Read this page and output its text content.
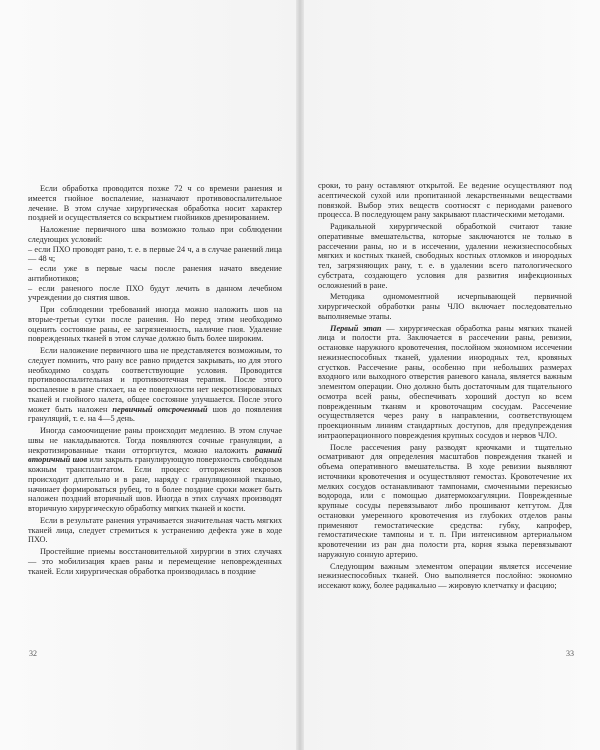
Если обработка проводится позже 72 ч со времени ранения и имеется гнойное воспаление, назначают противовоспалительное лечение. В этом случае хирургическая обработка носит характер поздней и осуществляется со вскрытием гнойников дренированием.

Наложение первичного шва возможно только при соблюдении следующих условий:

– если ПХО проводят рано, т. е. в первые 24 ч, а в случае ранений лица — 48 ч;

– если уже в первые часы после ранения начато введение антибиотиков;

– если раненого после ПХО будут лечить в данном лечебном учреждении до снятия швов.

При соблюдении требований иногда можно наложить шов на вторые-третьи сутки после ранения. Но перед этим необходимо оценить состояние раны, ее загрязненность, наличие гноя. Удаление поврежденных тканей в этом случае должно быть более широким.

Если наложение первичного шва не представляется возможным, то следует помнить, что рану все равно придется закрывать, но для этого необходимо создать соответствующие условия. Проводится противовоспалительная и противоотечная терапия. После этого воспаление в ране стихает, на ее поверхности нет некротизированных тканей и гнойного налета, общее состояние улучшается. После этого может быть наложен первичный отсроченный шов до появления грануляций, т. е. на 4—5 день.

Иногда самоочищение раны происходит медленно. В этом случае швы не накладываются. Тогда появляются сочные грануляции, а некротизированные ткани отторгнутся, можно наложить ранний вторичный шов или закрыть гранулирующую поверхность свободным кожным трансплантатом. Если процесс отторжения некрозов происходит длительно и в ране, наряду с грануляционной тканью, начинает формироваться рубец, то в более поздние сроки может быть наложен поздний вторичный шов. Иногда в этих случаях производят вторичную хирургическую обработку мягких тканей и кости.

Если в результате ранения утрачивается значительная часть мягких тканей лица, следует стремиться к устранению дефекта уже в ходе ПХО.

Простейшие приемы восстановительной хирургии в этих случаях — это мобилизация краев раны и перемещение неповрежденных тканей. Если хирургическая обработка производилась в поздние

сроки, то рану оставляют открытой. Ее ведение осуществляют под асептической сухой или пропитанной лекарственными веществами повязкой. Выбор этих веществ соотносят с периодами раневого процесса. В последующем рану закрывают пластическими методами.

Радикальной хирургической обработкой считают такие оперативные вмешательства, которые заключаются не только в рассечении раны, но и в иссечении, удалении нежизнеспособных мягких и костных тканей, свободных костных отломков и инородных тел, загрязняющих рану, т. е. в удалении всего патологического субстрата, создающего условия для развития инфекционных осложнений в ране.

Методика одномоментной исчерпывающей первичной хирургической обработки раны ЧЛО включает последовательно выполняемые этапы.

Первый этап — хирургическая обработка раны мягких тканей лица и полости рта. Заключается в рассечении раны, ревизии, остановке наружного кровотечения, послойном экономном иссечении нежизнеспособных тканей, удалении инородных тел, кровяных сгустков. Рассечение раны, особенно при небольших размерах входного или выходного отверстия раневого канала, является важным элементом операции. Оно должно быть достаточным для тщательного осмотра всей раны, обеспечивать хороший доступ ко всем поврежденным тканям и кровоточащим сосудам. Рассечение осуществляется через рану в направлении, соответствующем проекционным линиям стандартных доступов, для предупреждения интраоперационного повреждения крупных сосудов и нервов ЧЛО.

После рассечения рану разводят крючками и тщательно осматривают для определения масштабов повреждения тканей и объема оперативного вмешательства. В ходе ревизии выявляют источники кровотечения и осуществляют гемостаз. Кровотечение их мелких сосудов останавливают тампонами, смоченными перекисью водорода, или с помощью диатермокоагуляции. Поврежденные крупные сосуды перевязывают либо прошивают кетгутом. Для остановки умеренного кровотечения из глубоких отделов раны применяют гемостатические средства: губку, капрофер, гемостатические тампоны и т. п. При интенсивном артериальном кровотечении из ран дна полости рта, корня языка перевязывают наружную сонную артерию.

Следующим важным элементом операции является иссечение нежизнеспособных тканей. Оно выполняется послойно: экономно иссекают кожу, более радикально — жировую клетчатку и фасцию;

32	33
